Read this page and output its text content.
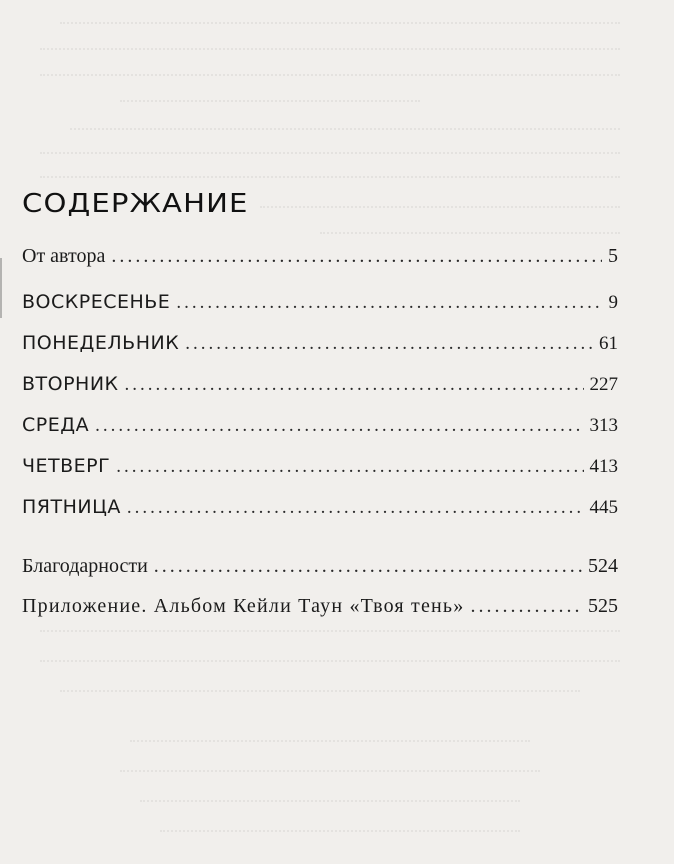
СОДЕРЖАНИЕ
От автора .....	5
ВОСКРЕСЕНЬЕ .....	9
ПОНЕДЕЛЬНИК .....	61
ВТОРНИК .....	227
СРЕДА .....	313
ЧЕТВЕРГ .....	413
ПЯТНИЦА .....	445
Благодарности .....	524
Приложение. Альбом Кейли Таун «Твоя тень» .....	525
